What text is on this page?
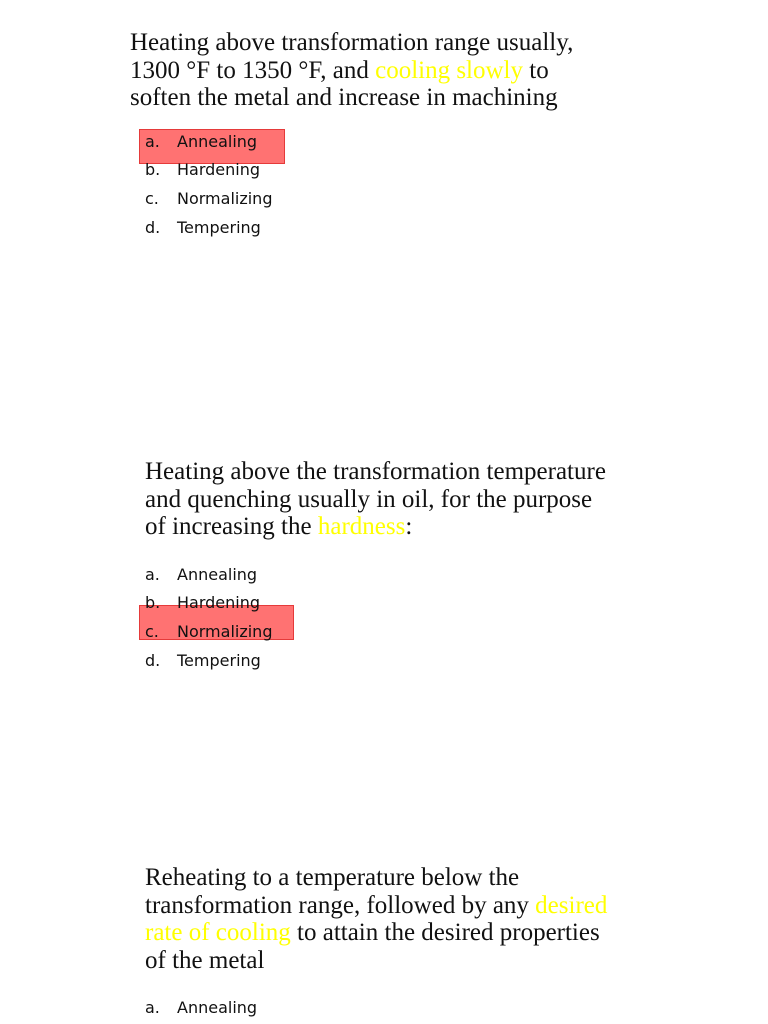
Heating above transformation range usually,
1300 °F to 1350 °F, and cooling slowly to
soften the metal and increase in machining
a.	Annealing
b.	Hardening
c.	Normalizing
d.	Tempering
Heating above the transformation temperature
and quenching usually in oil, for the purpose
of increasing the hardness:
a.	Annealing
b.	Hardening
c.	Normalizing
d.	Tempering
Reheating to a temperature below the
transformation range, followed by any desired
rate of cooling to attain the desired properties
of the metal
a.	Annealing
